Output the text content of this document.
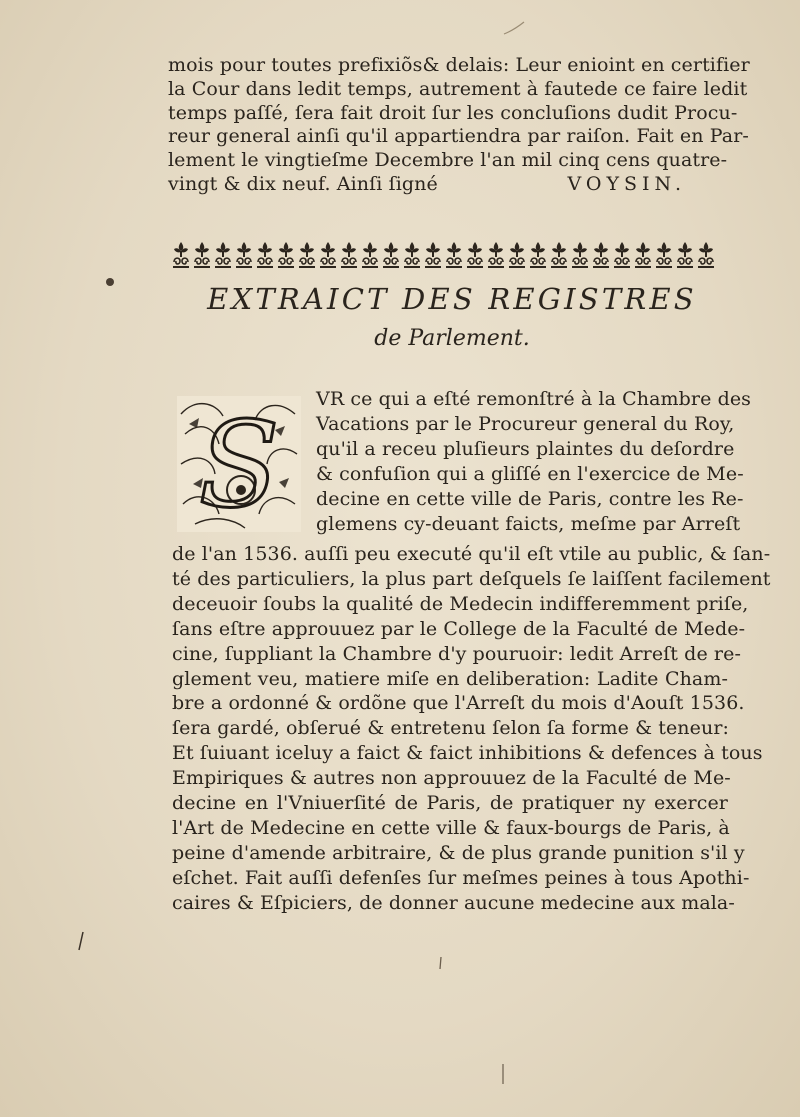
mois pour toutes prefixiõs& delais: Leur enioint en certifier
la Cour dans ledit temps, autrement à fautede ce faire ledit
temps paſſé, ſera fait droit ſur les concluſions dudit Procu-
reur general ainſi qu'il appartiendra par raiſon. Fait en Par-
lement le vingtieſme Decembre l'an mil cinq cens quatre-
vingt & dix neuf. Ainſi ſigné	VOYSIN.
EXTRAICT DES REGISTRES
de Parlement.
S VR ce qui a eſté remonſtré à la Chambre des
Vacations par le Procureur general du Roy,
qu'il a receu pluſieurs plaintes du deſordre
& confuſion qui a gliſſé en l'exercice de Me-
decine en cette ville de Paris, contre les Re-
glemens cy-deuant faicts, meſme par Arreſt
de l'an 1536. auſſi peu executé qu'il eſt vtile au public, & ſan-
té des particuliers, la plus part deſquels ſe laiſſent facilement
deceuoir ſoubs la qualité de Medecin indifferemment priſe,
ſans eſtre approuuez par le College de la Faculté de Mede-
cine, ſuppliant la Chambre d'y pouruoir: ledit Arreſt de re-
glement veu, matiere miſe en deliberation: Ladite Cham-
bre a ordonné & ordõne que l'Arreſt du mois d'Aouſt 1536.
ſera gardé, obſerué & entretenu ſelon ſa forme & teneur:
Et ſuiuant iceluy a faict & faict inhibitions & defences à tous
Empiriques & autres non approuuez de la Faculté de Me-
decine en l'Vniuerſité de Paris, de pratiquer ny exercer
l'Art de Medecine en cette ville & faux-bourgs de Paris, à
peine d'amende arbitraire, & de plus grande punition s'il y
eſchet. Fait auſſi defenſes ſur meſmes peines à tous Apothi-
caires & Eſpiciers, de donner aucune medecine aux mala-
